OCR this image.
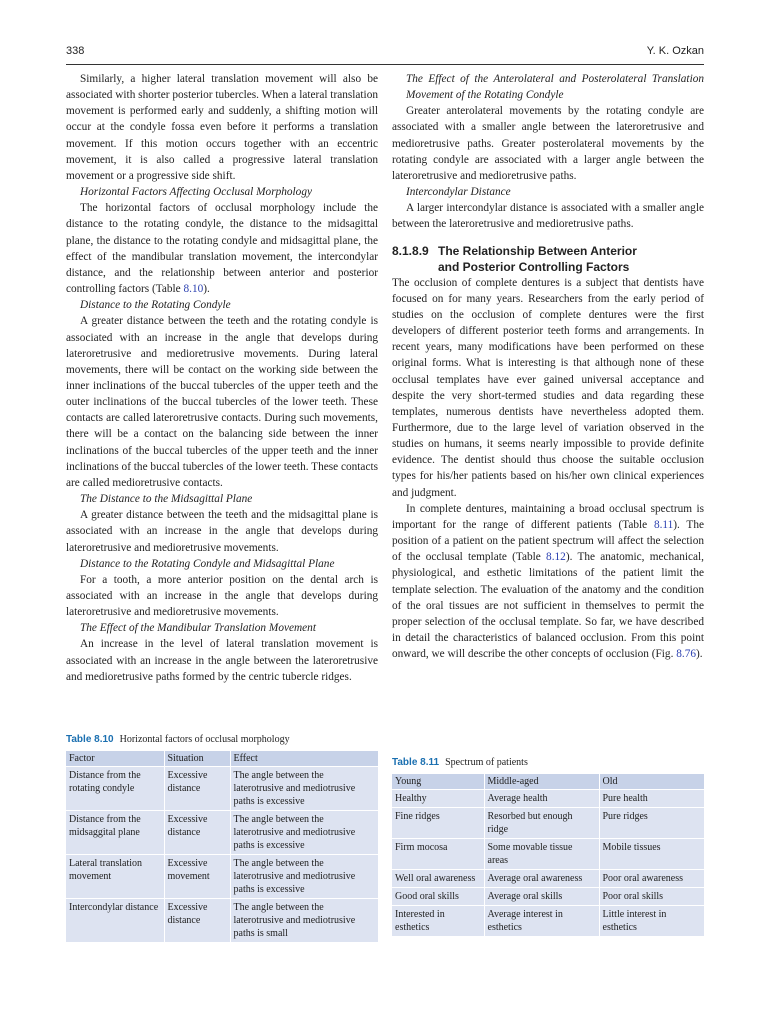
338	Y. K. Ozkan

Similarly, a higher lateral translation movement will also be associated with shorter posterior tubercles. When a lateral translation movement is performed early and suddenly, a shifting motion will occur at the condyle fossa even before it performs a translation movement. If this motion occurs together with an eccentric movement, it is also called a progressive lateral translation movement or a progressive side shift.

Horizontal Factors Affecting Occlusal Morphology

The horizontal factors of occlusal morphology include the distance to the rotating condyle, the distance to the midsagittal plane, the distance to the rotating condyle and midsagittal plane, the effect of the mandibular translation movement, the intercondylar distance, and the relationship between anterior and posterior controlling factors (Table 8.10).

Distance to the Rotating Condyle

A greater distance between the teeth and the rotating condyle is associated with an increase in the angle that develops during lateroretrusive and medioretrusive movements. During lateral movements, there will be contact on the working side between the inner inclinations of the buccal tubercles of the upper teeth and the outer inclinations of the buccal tubercles of the lower teeth. These contacts are called lateroretrusive contacts. During such movements, there will be a contact on the balancing side between the inner inclinations of the buccal tubercles of the upper teeth and the inner inclinations of the buccal tubercles of the lower teeth. These contacts are called medioretrusive contacts.

The Distance to the Midsagittal Plane

A greater distance between the teeth and the midsagittal plane is associated with an increase in the angle that develops during lateroretrusive and medioretrusive movements.

Distance to the Rotating Condyle and Midsagittal Plane

For a tooth, a more anterior position on the dental arch is associated with an increase in the angle that develops during lateroretrusive and medioretrusive movements.

The Effect of the Mandibular Translation Movement

An increase in the level of lateral translation movement is associated with an increase in the angle between the lateroretrusive and medioretrusive paths formed by the centric tubercle ridges.

The Effect of the Anterolateral and Posterolateral Translation Movement of the Rotating Condyle

Greater anterolateral movements by the rotating condyle are associated with a smaller angle between the lateroretrusive and medioretrusive paths. Greater posterolateral movements by the rotating condyle are associated with a larger angle between the lateroretrusive and medioretrusive paths.

Intercondylar Distance

A larger intercondylar distance is associated with a smaller angle between the lateroretrusive and medioretrusive paths.

8.1.8.9 The Relationship Between Anterior
and Posterior Controlling Factors

The occlusion of complete dentures is a subject that dentists have focused on for many years. Researchers from the early period of studies on the occlusion of complete dentures were the first developers of different posterior teeth forms and arrangements. In recent years, many modifications have been performed on these original forms. What is interesting is that although none of these occlusal templates have ever gained universal acceptance and despite the very short-termed studies and data regarding these templates, numerous dentists have nevertheless adopted them. Furthermore, due to the large level of variation observed in the studies on humans, it seems nearly impossible to provide definite evidence. The dentist should thus choose the suitable occlusion types for his/her patients based on his/her own clinical experiences and judgment.

In complete dentures, maintaining a broad occlusal spectrum is important for the range of different patients (Table 8.11). The position of a patient on the patient spectrum will affect the selection of the occlusal template (Table 8.12). The anatomic, mechanical, physiological, and esthetic limitations of the patient limit the template selection. The evaluation of the anatomy and the condition of the oral tissues are not sufficient in themselves to permit the proper selection of the occlusal template. So far, we have described in detail the characteristics of balanced occlusion. From this point onward, we will describe the other concepts of occlusion (Fig. 8.76).

Table 8.10 Horizontal factors of occlusal morphology
Factor	Situation	Effect
Distance from the rotating condyle	Excessive distance	The angle between the laterotrusive and mediotrusive paths is excessive
Distance from the midsaggital plane	Excessive distance	The angle between the laterotrusive and mediotrusive paths is excessive
Lateral translation movement	Excessive movement	The angle between the laterotrusive and mediotrusive paths is excessive
Intercondylar distance	Excessive distance	The angle between the laterotrusive and mediotrusive paths is small
Table 8.11 Spectrum of patients
Young	Middle-aged	Old
Healthy	Average health	Pure health
Fine ridges	Resorbed but enough ridge	Pure ridges
Firm mocosa	Some movable tissue areas	Mobile tissues
Well oral awareness	Average oral awareness	Poor oral awareness
Good oral skills	Average oral skills	Poor oral skills
Interested in esthetics	Average interest in esthetics	Little interest in esthetics
